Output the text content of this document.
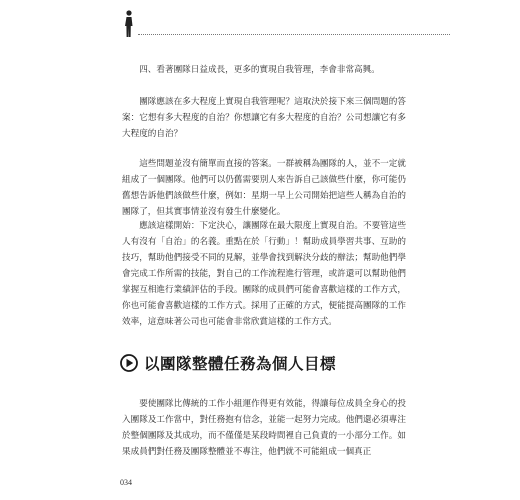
四、看著團隊日益成長，更多的實現自我管理，李會非常高興。

團隊應該在多大程度上實現自我管理呢？這取決於接下來三個問題的答案：它想有多大程度的自治？你想讓它有多大程度的自治？公司想讓它有多大程度的自治？

這些問題並沒有簡單而直接的答案。一群被稱為團隊的人，並不一定就組成了一個團隊。他們可以仍舊需要別人來告訴自己該做些什麼，你可能仍舊想告訴他們該做些什麼，例如：星期一早上公司開始把這些人稱為自治的團隊了，但其實事情並沒有發生什麼變化。

應該這樣開始：下定決心，讓團隊在最大限度上實現自治。不要管這些人有沒有「自治」的名義。重點在於「行動」！幫助成員學習共事、互助的技巧，幫助他們接受不同的見解，並學會找到解決分歧的辦法；幫助他們學會完成工作所需的技能，對自己的工作流程進行管理，或許還可以幫助他們掌握互相進行業績評估的手段。團隊的成員們可能會喜歡這樣的工作方式，你也可能會喜歡這樣的工作方式。採用了正確的方式，便能提高團隊的工作效率，這意味著公司也可能會非常欣賞這樣的工作方式。

以團隊整體任務為個人目標

要使團隊比傳統的工作小組運作得更有效能，得讓每位成員全身心的投入團隊及工作當中，對任務抱有信念，並能一起努力完成。他們還必須專注於整個團隊及其成功，而不僅僅是某段時間裡自己負責的一小部分工作。如果成員們對任務及團隊整體並不專注，他們就不可能組成一個真正

034
